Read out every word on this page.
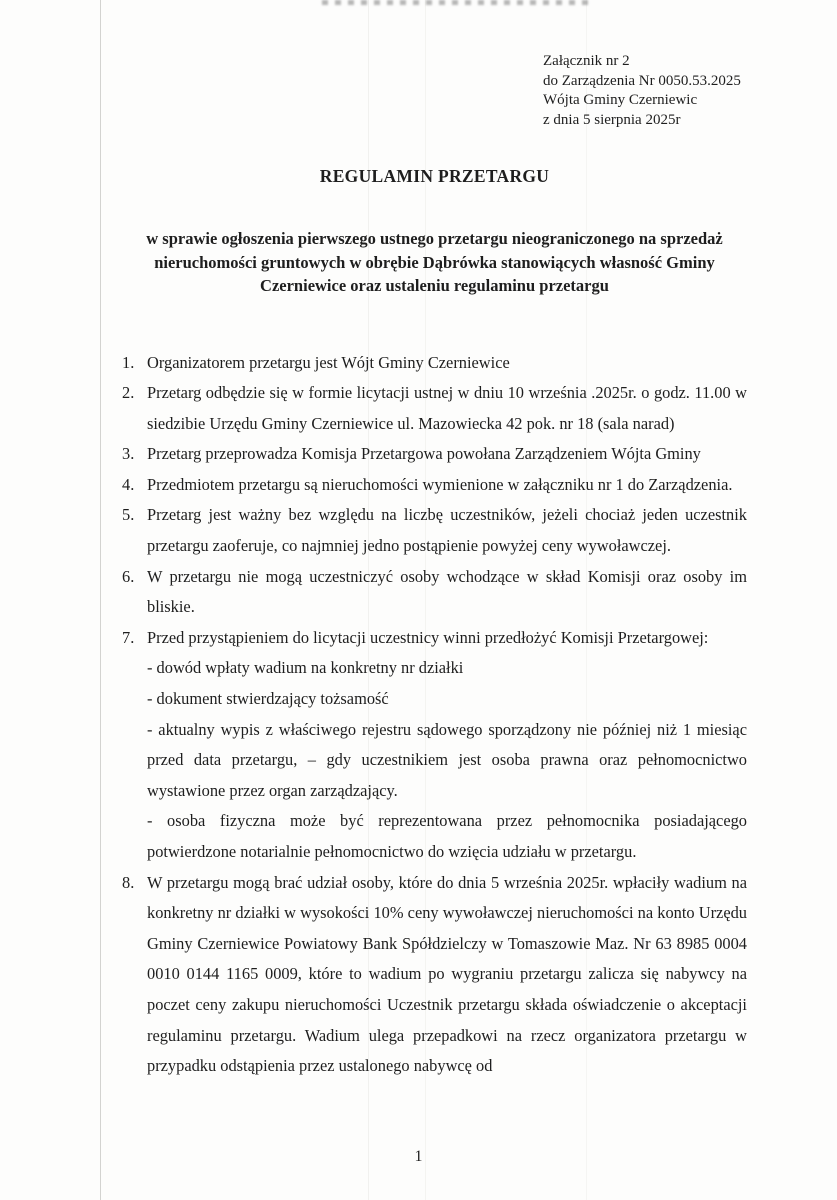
Załącznik nr 2
do Zarządzenia Nr 0050.53.2025
Wójta Gminy Czerniewic
z dnia 5 sierpnia 2025r
REGULAMIN PRZETARGU

w sprawie ogłoszenia pierwszego ustnego przetargu nieograniczonego na sprzedaż nieruchomości gruntowych w obrębie Dąbrówka stanowiących własność Gminy Czerniewice oraz ustaleniu regulaminu przetargu

1. Organizatorem przetargu jest Wójt Gminy Czerniewice
2. Przetarg odbędzie się w formie licytacji ustnej w dniu 10 września .2025r. o godz. 11.00 w siedzibie Urzędu Gminy Czerniewice ul. Mazowiecka 42 pok. nr 18 (sala narad)
3. Przetarg przeprowadza Komisja Przetargowa powołana Zarządzeniem Wójta Gminy
4. Przedmiotem przetargu są nieruchomości wymienione w załączniku nr 1 do Zarządzenia.
5. Przetarg jest ważny bez względu na liczbę uczestników, jeżeli chociaż jeden uczestnik przetargu zaoferuje, co najmniej jedno postąpienie powyżej ceny wywoławczej.
6. W przetargu nie mogą uczestniczyć osoby wchodzące w skład Komisji oraz osoby im bliskie.
7. Przed przystąpieniem do licytacji uczestnicy winni przedłożyć Komisji Przetargowej:
- dowód wpłaty wadium na konkretny nr działki
- dokument stwierdzający tożsamość
- aktualny wypis z właściwego rejestru sądowego sporządzony nie później niż 1 miesiąc przed data przetargu, – gdy uczestnikiem jest osoba prawna oraz pełnomocnictwo wystawione przez organ zarządzający.
- osoba fizyczna może być reprezentowana przez pełnomocnika posiadającego potwierdzone notarialnie pełnomocnictwo do wzięcia udziału w przetargu.
8. W przetargu mogą brać udział osoby, które do dnia 5 września 2025r. wpłaciły wadium na konkretny nr działki w wysokości 10% ceny wywoławczej nieruchomości na konto Urzędu Gminy Czerniewice Powiatowy Bank Spółdzielczy w Tomaszowie Maz. Nr 63 8985 0004 0010 0144 1165 0009, które to wadium po wygraniu przetargu zalicza się nabywcy na poczet ceny zakupu nieruchomości Uczestnik przetargu składa oświadczenie o akceptacji regulaminu przetargu. Wadium ulega przepadkowi na rzecz organizatora przetargu w przypadku odstąpienia przez ustalonego nabywcę od
1
